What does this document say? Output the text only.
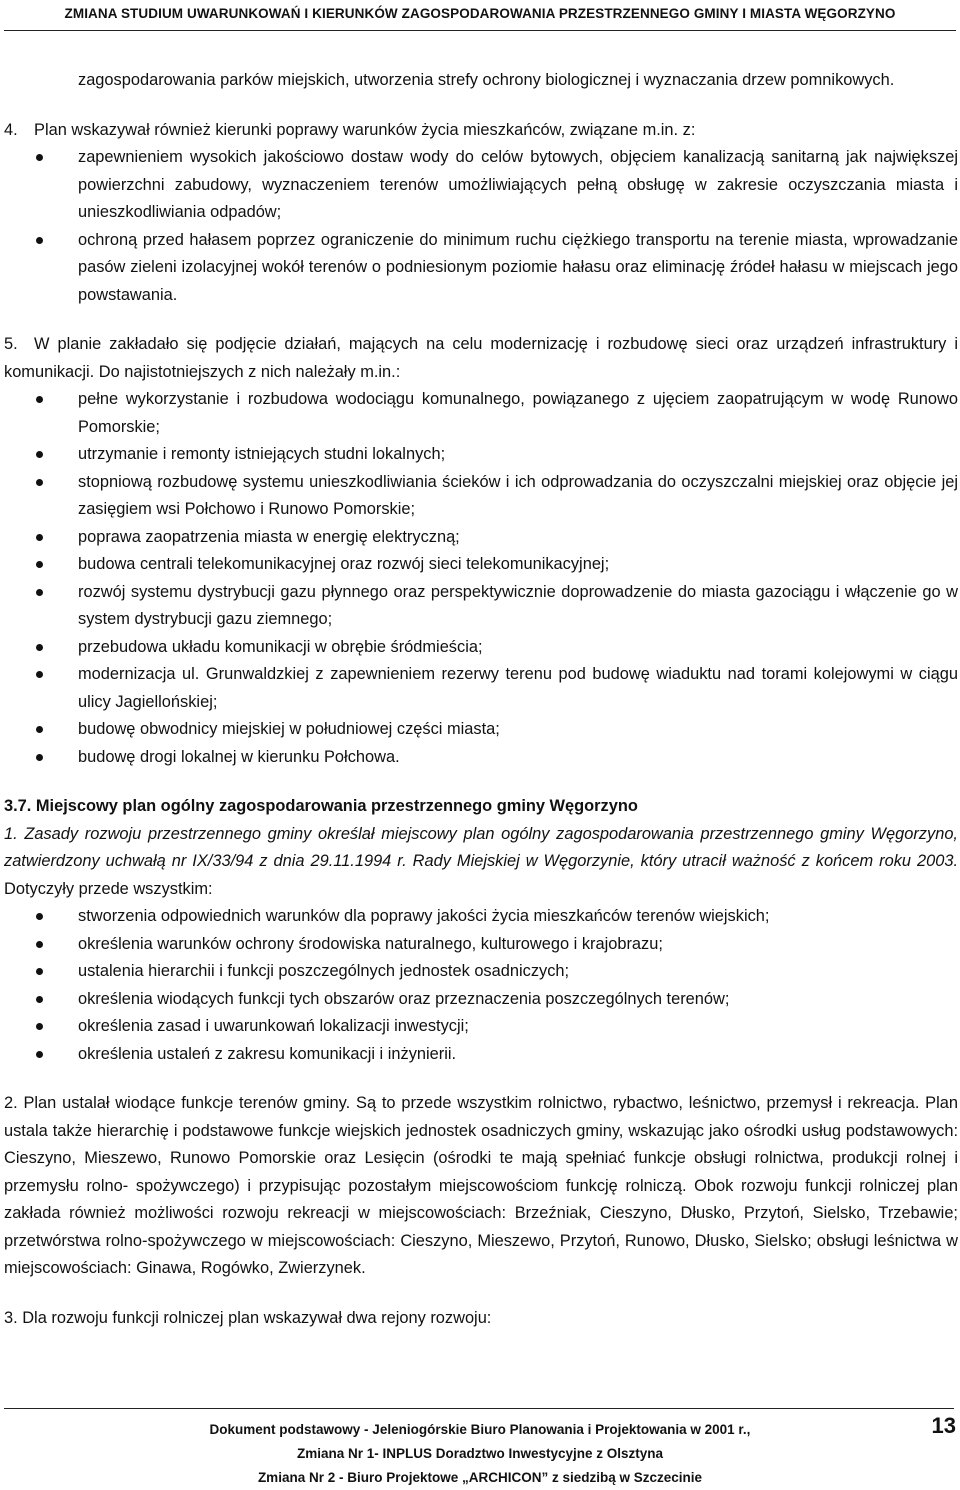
ZMIANA STUDIUM UWARUNKOWAŃ I KIERUNKÓW ZAGOSPODAROWANIA PRZESTRZENNEGO GMINY I MIASTA WĘGORZYNO

zagospodarowania parków miejskich, utworzenia strefy ochrony biologicznej i wyznaczania drzew pomnikowych.

4. Plan wskazywał również kierunki poprawy warunków życia mieszkańców, związane m.in. z:

zapewnieniem wysokich jakościowo dostaw wody do celów bytowych, objęciem kanalizacją sanitarną jak największej powierzchni zabudowy, wyznaczeniem terenów umożliwiających pełną obsługę w zakresie oczyszczania miasta i unieszkodliwiania odpadów;
ochroną przed hałasem poprzez ograniczenie do minimum ruchu ciężkiego transportu na terenie miasta, wprowadzanie pasów zieleni izolacyjnej wokół terenów o podniesionym poziomie hałasu oraz eliminację źródeł hałasu w miejscach jego powstawania.

5. W planie zakładało się podjęcie działań, mających na celu modernizację i rozbudowę sieci oraz urządzeń infrastruktury i komunikacji. Do najistotniejszych z nich należały m.in.:

pełne wykorzystanie i rozbudowa wodociągu komunalnego, powiązanego z ujęciem zaopatrującym w wodę Runowo Pomorskie;
utrzymanie i remonty istniejących studni lokalnych;
stopniową rozbudowę systemu unieszkodliwiania ścieków i ich odprowadzania do oczyszczalni miejskiej oraz objęcie jej zasięgiem wsi Połchowo i Runowo Pomorskie;
poprawa zaopatrzenia miasta w energię elektryczną;
budowa centrali telekomunikacyjnej oraz rozwój sieci telekomunikacyjnej;
rozwój systemu dystrybucji gazu płynnego oraz perspektywicznie doprowadzenie do miasta gazociągu i włączenie go w system dystrybucji gazu ziemnego;
przebudowa układu komunikacji w obrębie śródmieścia;
modernizacja ul. Grunwaldzkiej z zapewnieniem rezerwy terenu pod budowę wiaduktu nad torami kolejowymi w ciągu ulicy Jagiellońskiej;
budowę obwodnicy miejskiej w południowej części miasta;
budowę drogi lokalnej w kierunku Połchowa.

3.7. Miejscowy plan ogólny zagospodarowania przestrzennego gminy Węgorzyno

1. Zasady rozwoju przestrzennego gminy określał miejscowy plan ogólny zagospodarowania przestrzennego gminy Węgorzyno, zatwierdzony uchwałą nr IX/33/94 z dnia 29.11.1994 r. Rady Miejskiej w Węgorzynie, który utracił ważność z końcem roku 2003. Dotyczyły przede wszystkim:

stworzenia odpowiednich warunków dla poprawy jakości życia mieszkańców terenów wiejskich;
określenia warunków ochrony środowiska naturalnego, kulturowego i krajobrazu;
ustalenia hierarchii i funkcji poszczególnych jednostek osadniczych;
określenia wiodących funkcji tych obszarów oraz przeznaczenia poszczególnych terenów;
określenia zasad i uwarunkowań lokalizacji inwestycji;
określenia ustaleń z zakresu komunikacji i inżynierii.

2. Plan ustalał wiodące funkcje terenów gminy. Są to przede wszystkim rolnictwo, rybactwo, leśnictwo, przemysł i rekreacja. Plan ustala także hierarchię i podstawowe funkcje wiejskich jednostek osadniczych gminy, wskazując jako ośrodki usług podstawowych: Cieszyno, Mieszewo, Runowo Pomorskie oraz Lesięcin (ośrodki te mają spełniać funkcje obsługi rolnictwa, produkcji rolnej i przemysłu rolno- spożywczego) i przypisując pozostałym miejscowościom funkcję rolniczą. Obok rozwoju funkcji rolniczej plan zakłada również możliwości rozwoju rekreacji w miejscowościach: Brzeźniak, Cieszyno, Dłusko, Przytoń, Sielsko, Trzebawie; przetwórstwa rolno-spożywczego w miejscowościach: Cieszyno, Mieszewo, Przytoń, Runowo, Dłusko, Sielsko; obsługi leśnictwa w miejscowościach: Ginawa, Rogówko, Zwierzynek.

3. Dla rozwoju funkcji rolniczej plan wskazywał dwa rejony rozwoju:

Dokument podstawowy - Jeleniogórskie Biuro Planowania i Projektowania w 2001 r.,
Zmiana Nr 1- INPLUS Doradztwo Inwestycyjne z Olsztyna
Zmiana Nr 2 - Biuro Projektowe „ARCHICON” z siedzibą w Szczecinie
13
